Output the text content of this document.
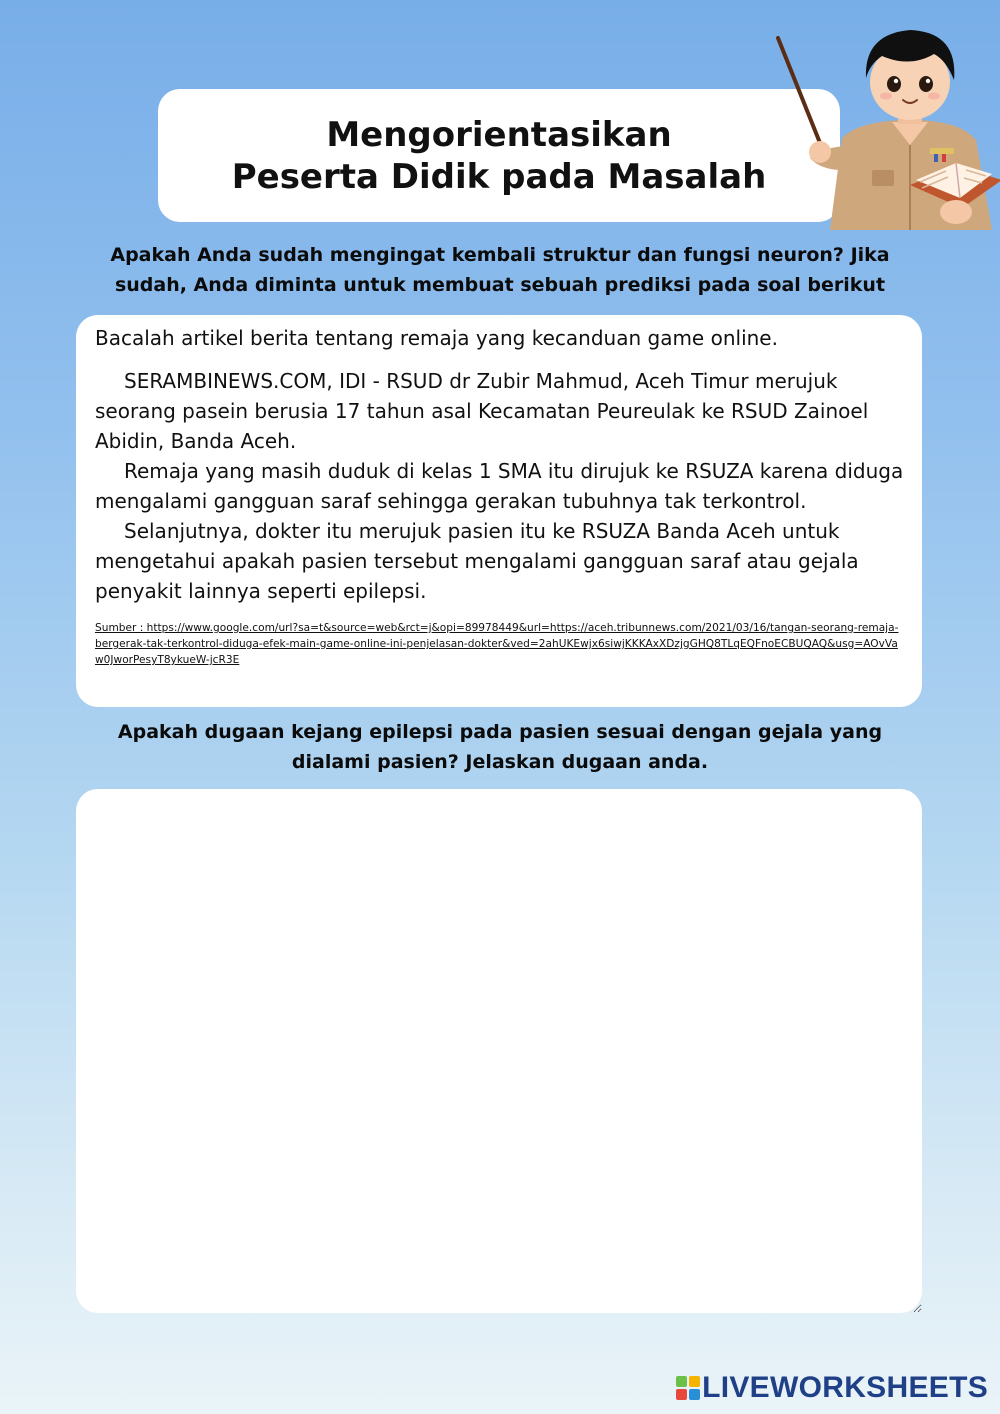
Mengorientasikan
Peserta Didik pada Masalah
Apakah Anda sudah mengingat kembali struktur dan fungsi neuron? Jika sudah, Anda diminta untuk membuat sebuah prediksi pada soal berikut

Bacalah artikel berita tentang remaja yang kecanduan game online.

SERAMBINEWS.COM, IDI - RSUD dr Zubir Mahmud, Aceh Timur merujuk seorang pasein berusia 17 tahun asal Kecamatan Peureulak ke RSUD Zainoel Abidin, Banda Aceh.

Remaja yang masih duduk di kelas 1 SMA itu dirujuk ke RSUZA karena diduga mengalami gangguan saraf sehingga gerakan tubuhnya tak terkontrol.

Selanjutnya, dokter itu merujuk pasien itu ke RSUZA Banda Aceh untuk mengetahui apakah pasien tersebut mengalami gangguan saraf atau gejala penyakit lainnya seperti epilepsi.

Sumber : https://www.google.com/url?sa=t&source=web&rct=j&opi=89978449&url=https://aceh.tribunnews.com/2021/03/16/tangan-seorang-remaja-bergerak-tak-terkontrol-diduga-efek-main-game-online-ini-penjelasan-dokter&ved=2ahUKEwjx6siwjKKKAxXDzjgGHQ8TLqEQFnoECBUQAQ&usg=AOvVaw0JworPesyT8ykueW-jcR3E
Apakah dugaan kejang epilepsi pada pasien sesuai dengan gejala yang dialami pasien? Jelaskan dugaan anda.
LIVEWORKSHEETS
